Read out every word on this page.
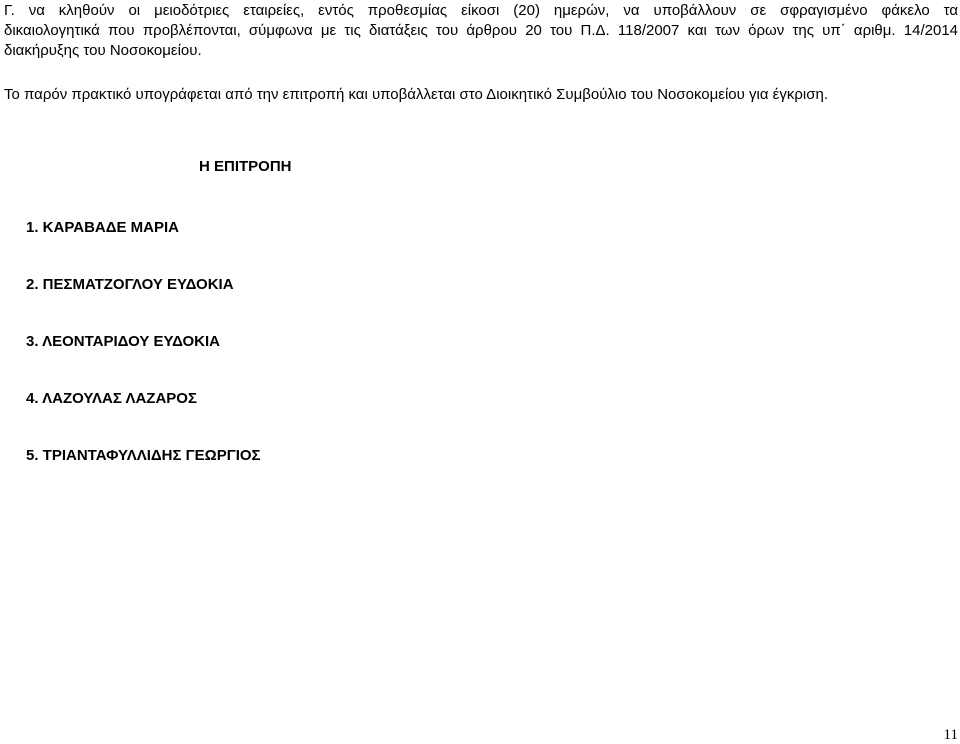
Γ. να κληθούν οι μειοδότριες εταιρείες, εντός προθεσμίας είκοσι (20) ημερών, να υποβάλλουν σε σφραγισμένο φάκελο τα
δικαιολογητικά που προβλέπονται, σύμφωνα με τις διατάξεις του άρθρου 20 του Π.Δ. 118/2007 και των όρων της υπ΄ αριθμ. 14/2014 διακήρυξης του Νοσοκομείου.

Το παρόν πρακτικό υπογράφεται από την επιτροπή και υποβάλλεται στο Διοικητικό Συμβούλιο του Νοσοκομείου για έγκριση.

Η ΕΠΙΤΡΟΠΗ

1. ΚΑΡΑΒΑΔΕ ΜΑΡΙΑ
2. ΠΕΣΜΑΤΖΟΓΛΟΥ ΕΥΔΟΚΙΑ
3. ΛΕΟΝΤΑΡΙΔΟΥ ΕΥΔΟΚΙΑ
4. ΛΑΖΟΥΛΑΣ ΛΑΖΑΡΟΣ
5. ΤΡΙΑΝΤΑΦΥΛΛΙΔΗΣ ΓΕΩΡΓΙΟΣ
11
